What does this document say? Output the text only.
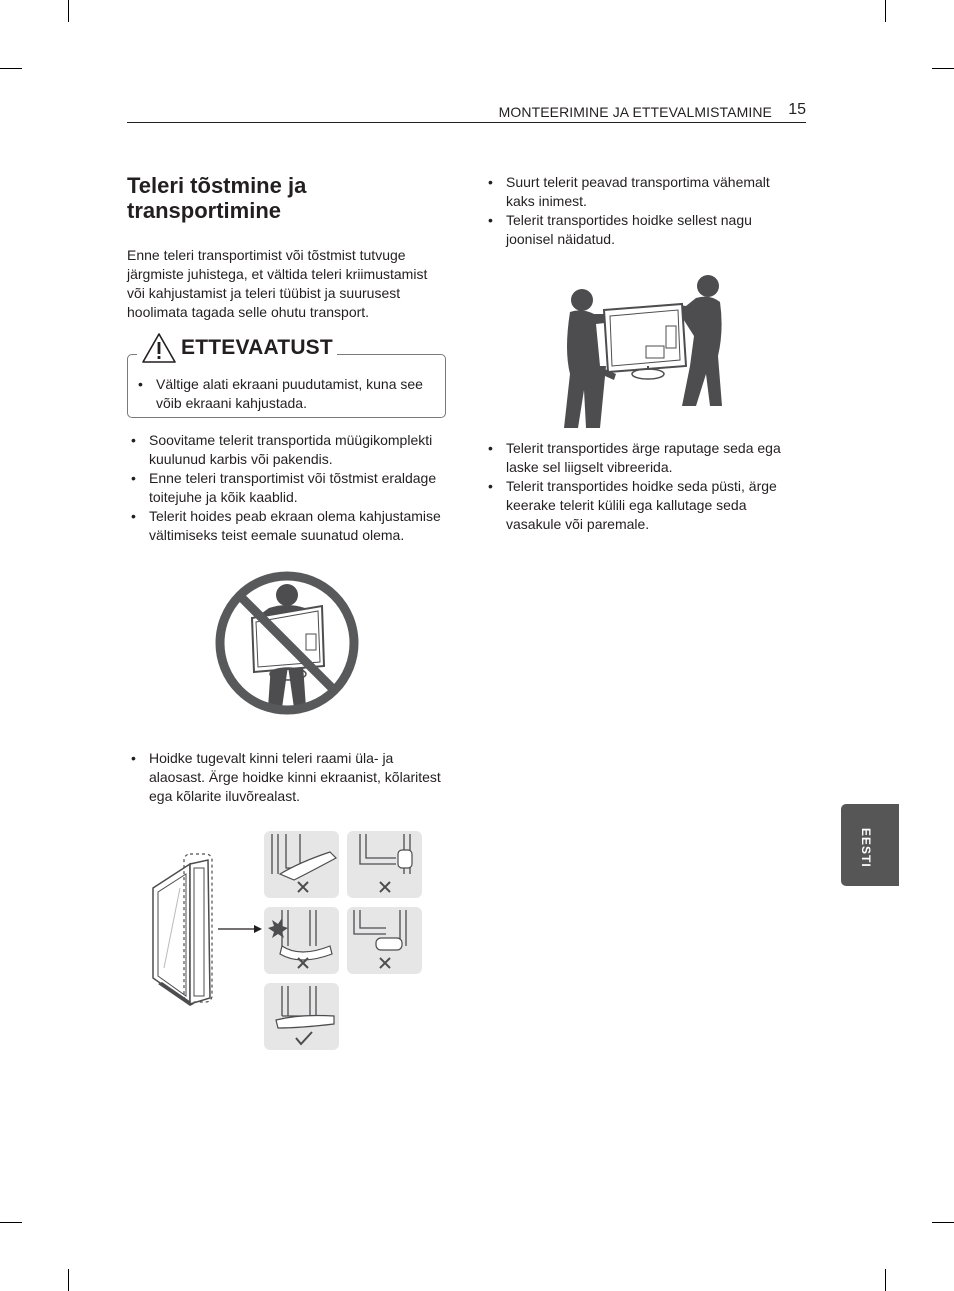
MONTEERIMINE JA ETTEVALMISTAMINE 15
Teleri tõstmine ja transportimine

Enne teleri transportimist või tõstmist tutvuge järgmiste juhistega, et vältida teleri kriimustamist või kahjustamist ja teleri tüübist ja suurusest hoolimata tagada selle ohutu transport.

• Vältige alati ekraani puudutamist, kuna see võib ekraani kahjustada.
ETTEVAATUST
• Soovitame telerit transportida müügikomplekti kuulunud karbis või pakendis.
• Enne teleri transportimist või tõstmist eraldage toitejuhe ja kõik kaablid.
• Telerit hoides peab ekraan olema kahjustamise vältimiseks teist eemale suunatud olema.
• Hoidke tugevalt kinni teleri raami üla- ja alaosast. Ärge hoidke kinni ekraanist, kõlaritest ega kõlarite iluvõrealast.
• Suurt telerit peavad transportima vähemalt kaks inimest.
• Telerit transportides hoidke sellest nagu joonisel näidatud.
• Telerit transportides ärge raputage seda ega laske sel liigselt vibreerida.
• Telerit transportides hoidke seda püsti, ärge keerake telerit külili ega kallutage seda vasakule või paremale.
EESTI
